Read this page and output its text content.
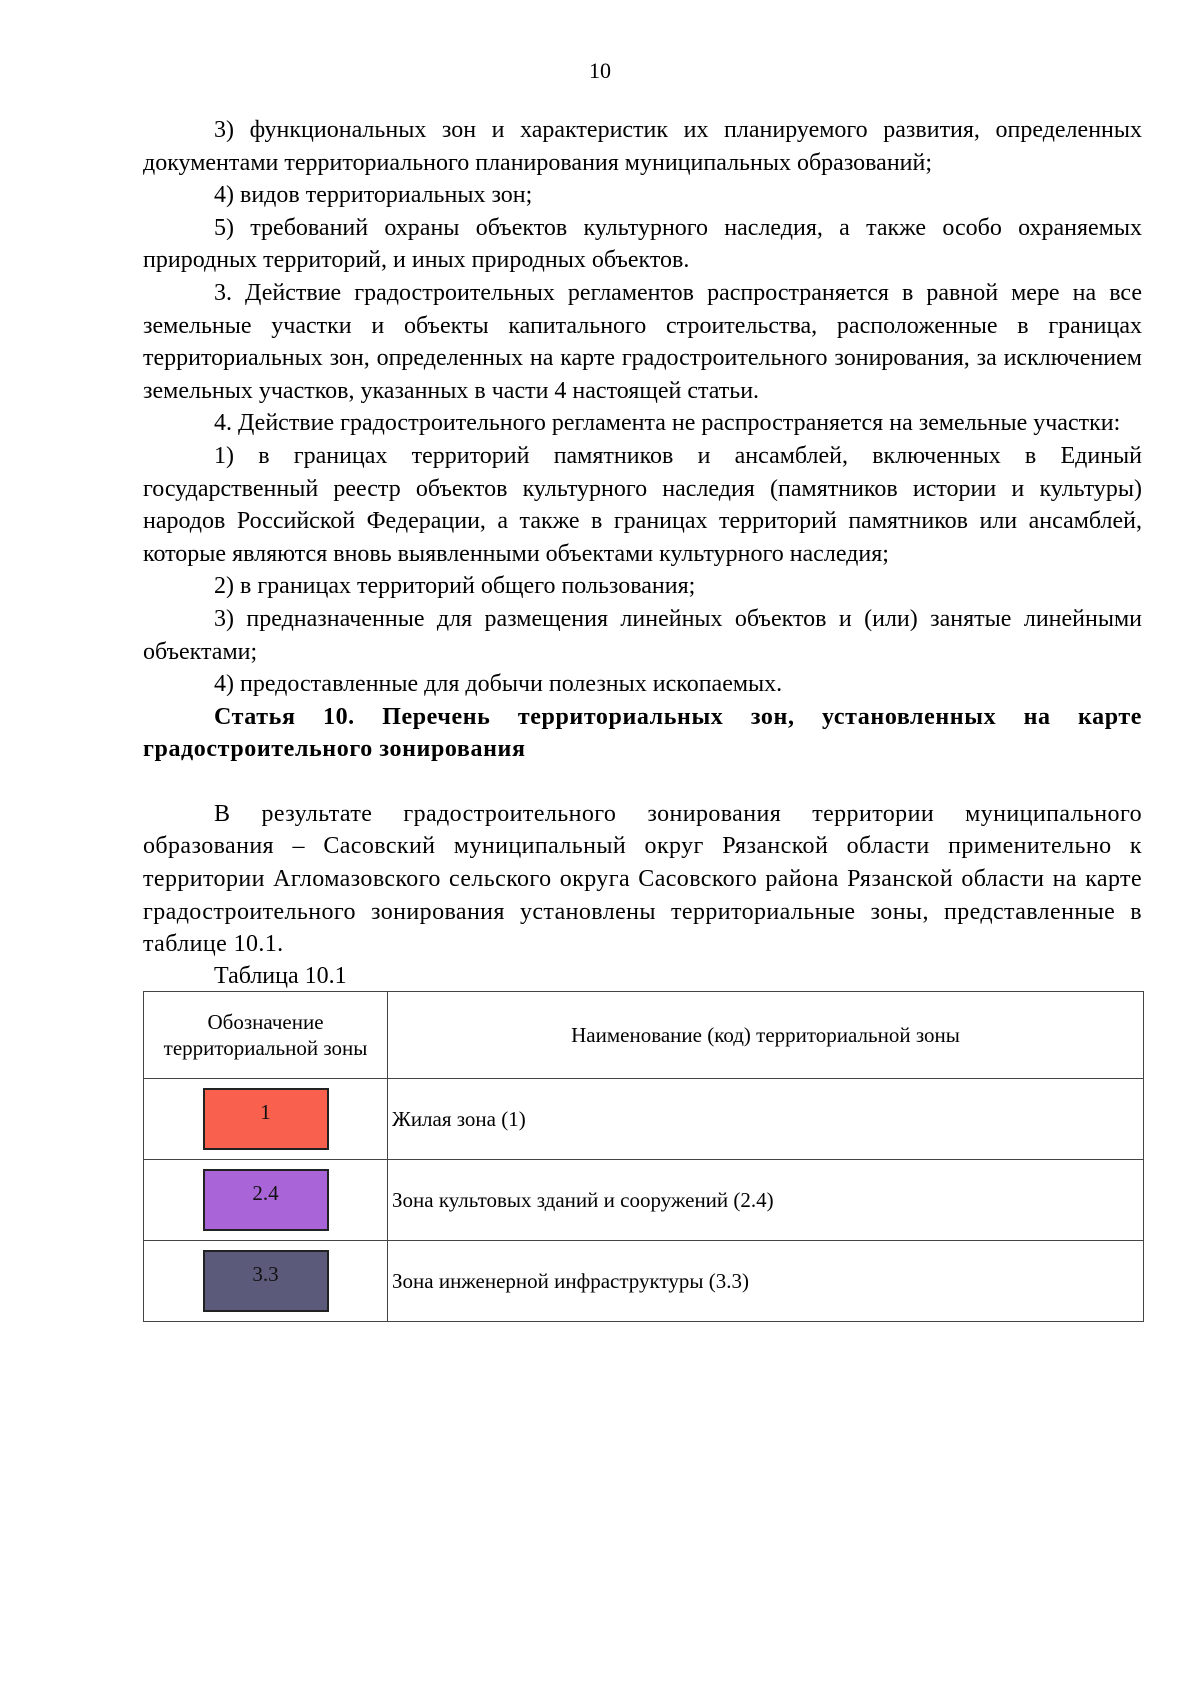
10

3) функциональных зон и характеристик их планируемого развития, определенных документами территориального планирования муниципальных образований;

4) видов территориальных зон;

5) требований охраны объектов культурного наследия, а также особо охраняемых природных территорий, и иных природных объектов.

3. Действие градостроительных регламентов распространяется в равной мере на все земельные участки и объекты капитального строительства, расположенные в границах территориальных зон, определенных на карте градостроительного зонирования, за исключением земельных участков, указанных в части 4 настоящей статьи.

4. Действие градостроительного регламента не распространяется на земельные участки:

1) в границах территорий памятников и ансамблей, включенных в Единый государственный реестр объектов культурного наследия (памятников истории и культуры) народов Российской Федерации, а также в границах территорий памятников или ансамблей, которые являются вновь выявленными объектами культурного наследия;

2) в границах территорий общего пользования;

3) предназначенные для размещения линейных объектов и (или) занятые линейными объектами;

4) предоставленные для добычи полезных ископаемых.

Статья 10. Перечень территориальных зон, установленных на карте градостроительного зонирования

В результате градостроительного зонирования территории муниципального образования – Сасовский муниципальный округ Рязанской области применительно к территории Агломазовского сельского округа Сасовского района Рязанской области на карте градостроительного зонирования установлены территориальные зоны, представленные в таблице 10.1.

Таблица 10.1

Обозначение территориальной зоны	Наименование (код) территориальной зоны
1	Жилая зона (1)
2.4	Зона культовых зданий и сооружений (2.4)
3.3	Зона инженерной инфраструктуры (3.3)
